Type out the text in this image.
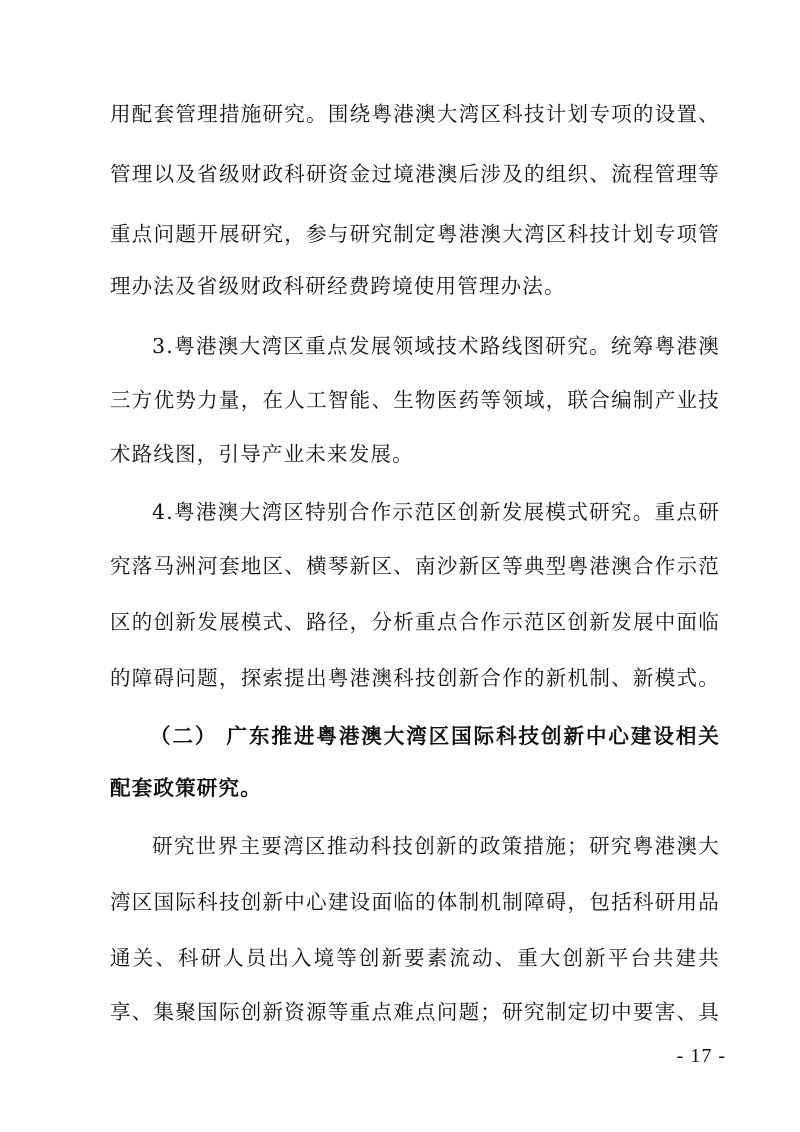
用配套管理措施研究。围绕粤港澳大湾区科技计划专项的设置、
管理以及省级财政科研资金过境港澳后涉及的组织、流程管理等
重点问题开展研究，参与研究制定粤港澳大湾区科技计划专项管
理办法及省级财政科研经费跨境使用管理办法。
3.粤港澳大湾区重点发展领域技术路线图研究。统筹粤港澳
三方优势力量，在人工智能、生物医药等领域，联合编制产业技
术路线图，引导产业未来发展。
4.粤港澳大湾区特别合作示范区创新发展模式研究。重点研
究落马洲河套地区、横琴新区、南沙新区等典型粤港澳合作示范
区的创新发展模式、路径，分析重点合作示范区创新发展中面临
的障碍问题，探索提出粤港澳科技创新合作的新机制、新模式。
（二） 广东推进粤港澳大湾区国际科技创新中心建设相关
配套政策研究。
研究世界主要湾区推动科技创新的政策措施；研究粤港澳大
湾区国际科技创新中心建设面临的体制机制障碍，包括科研用品
通关、科研人员出入境等创新要素流动、重大创新平台共建共
享、集聚国际创新资源等重点难点问题；研究制定切中要害、具
- 17 -
